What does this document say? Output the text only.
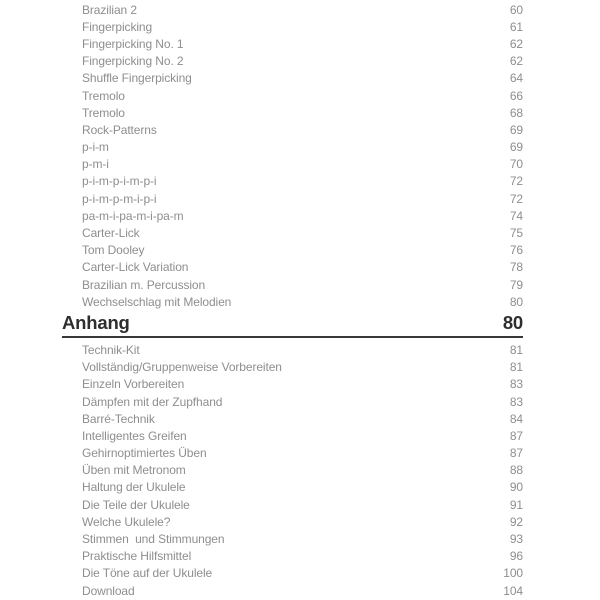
Brazilian 2	60
Fingerpicking	61
Fingerpicking No. 1	62
Fingerpicking No. 2	62
Shuffle Fingerpicking	64
Tremolo	66
Tremolo	68
Rock-Patterns	69
p-i-m	69
p-m-i	70
p-i-m-p-i-m-p-i	72
p-i-m-p-m-i-p-i	72
pa-m-i-pa-m-i-pa-m	74
Carter-Lick	75
Tom Dooley	76
Carter-Lick Variation	78
Brazilian m. Percussion	79
Wechselschlag mit Melodien	80
Anhang	80
Technik-Kit	81
Vollständig/Gruppenweise Vorbereiten	81
Einzeln Vorbereiten	83
Dämpfen mit der Zupfhand	83
Barré-Technik	84
Intelligentes Greifen	87
Gehirnoptimiertes Üben	87
Üben mit Metronom	88
Haltung der Ukulele	90
Die Teile der Ukulele	91
Welche Ukulele?	92
Stimmen  und Stimmungen	93
Praktische Hilfsmittel	96
Die Töne auf der Ukulele	100
Download	104
